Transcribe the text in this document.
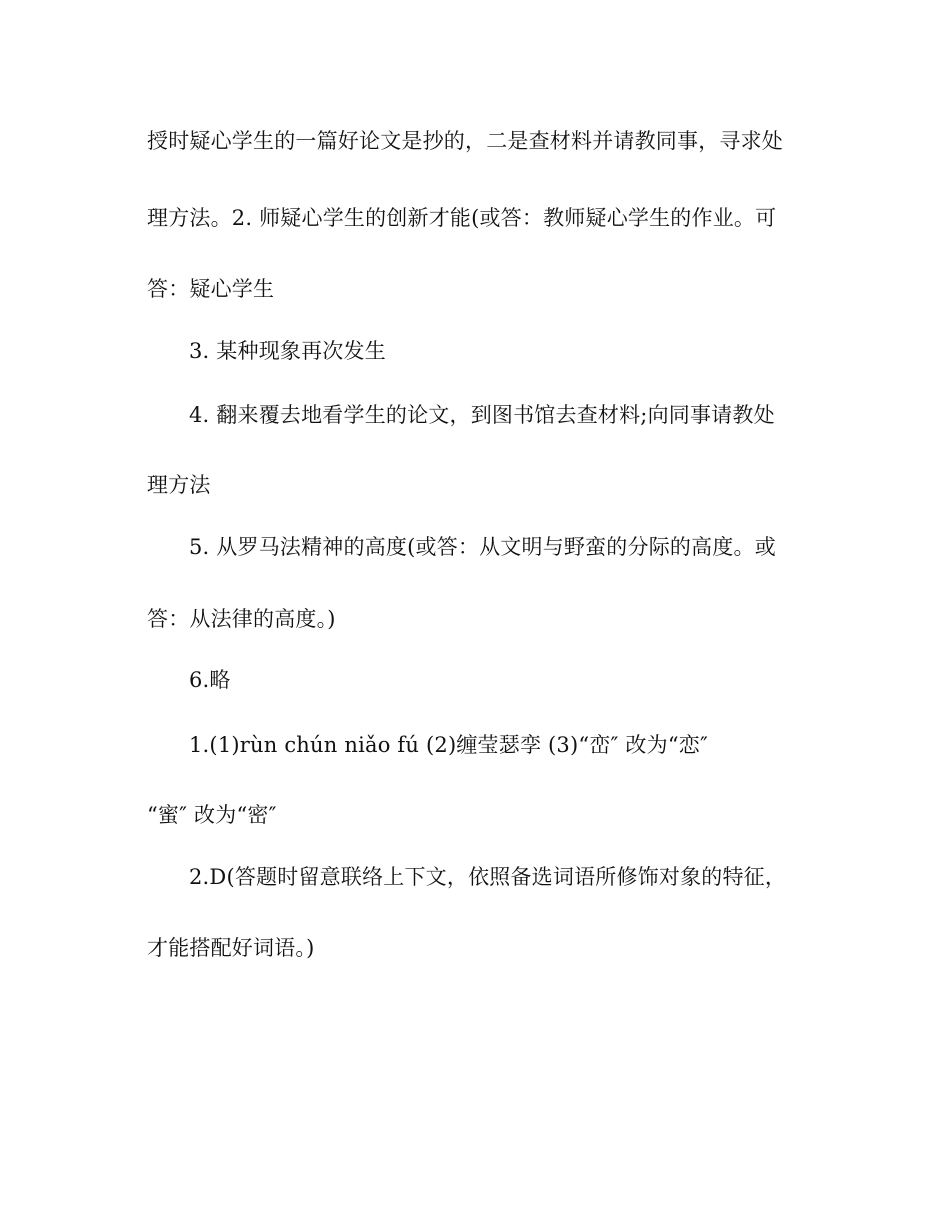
授时疑心学生的一篇好论文是抄的，二是查材料并请教同事，寻求处
理方法。2. 师疑心学生的创新才能(或答：教师疑心学生的作业。可
答：疑心学生
3. 某种现象再次发生
4. 翻来覆去地看学生的论文，到图书馆去查材料;向同事请教处
理方法
5. 从罗马法精神的高度(或答：从文明与野蛮的分际的高度。或
答：从法律的高度。)
6.略
1.(1)rùn chún niǎo fú (2)缠莹瑟孪 (3)“峦″ 改为“恋″
“蜜″ 改为“密″
2.D(答题时留意联络上下文，依照备选词语所修饰对象的特征，
才能搭配好词语。)
